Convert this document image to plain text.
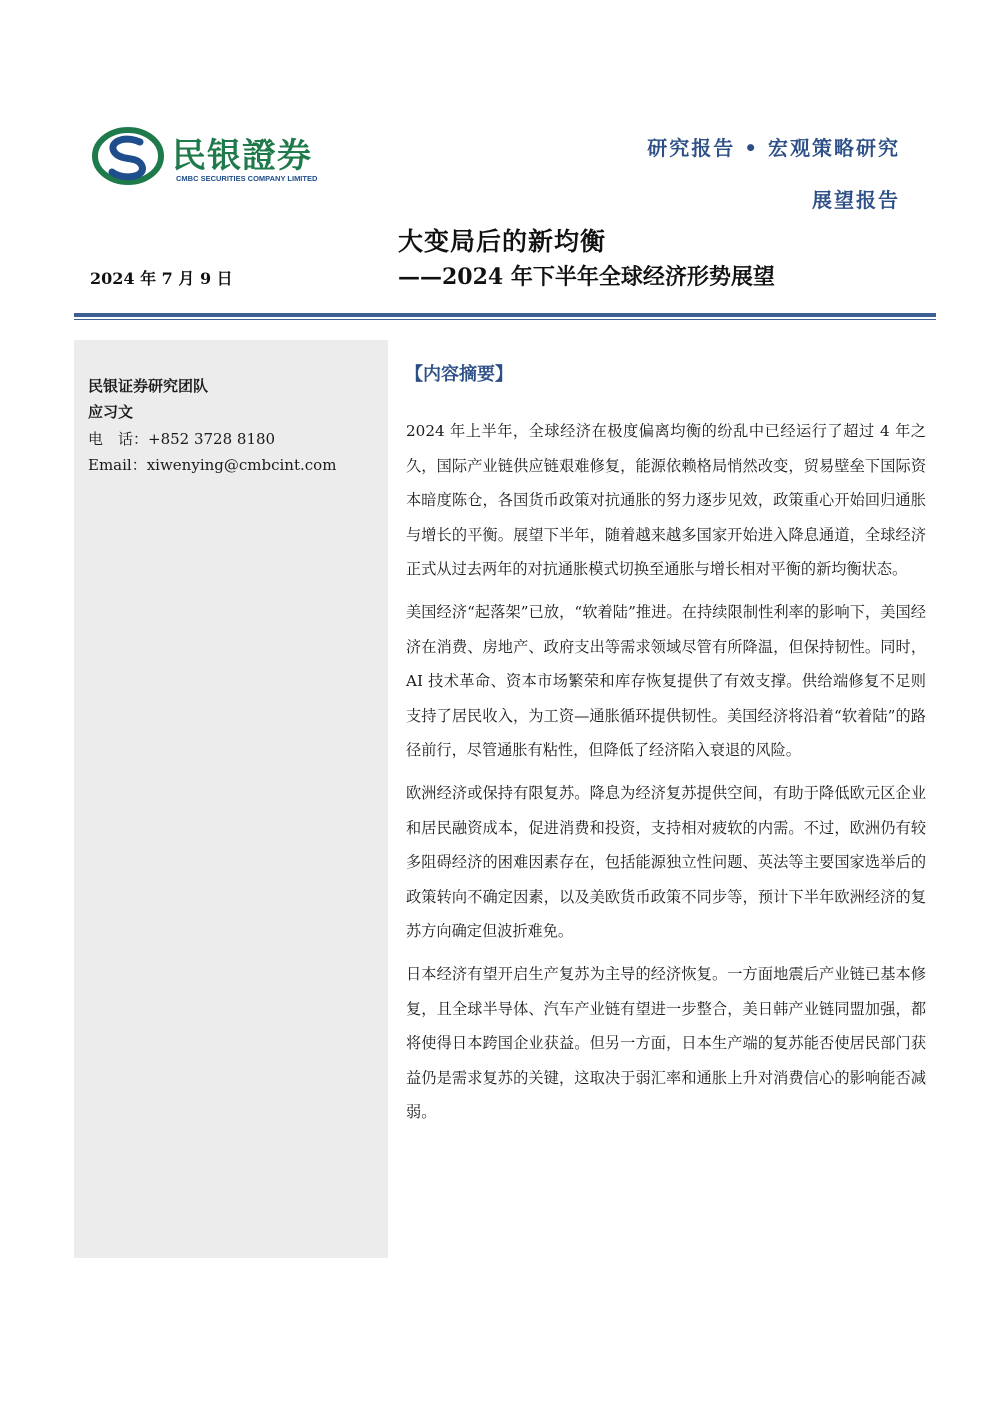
民银證券
CMBC SECURITIES COMPANY LIMITED
研究报告 • 宏观策略研究
展望报告
大变局后的新均衡
——2024 年下半年全球经济形势展望
2024 年 7 月 9 日
民银证券研究团队
应习文
电　话：+852 3728 8180
Email：xiwenying@cmbcint.com
【内容摘要】

2024 年上半年，全球经济在极度偏离均衡的纷乱中已经运行了超过 4 年之久，国际产业链供应链艰难修复，能源依赖格局悄然改变，贸易壁垒下国际资本暗度陈仓，各国货币政策对抗通胀的努力逐步见效，政策重心开始回归通胀与增长的平衡。展望下半年，随着越来越多国家开始进入降息通道，全球经济正式从过去两年的对抗通胀模式切换至通胀与增长相对平衡的新均衡状态。

美国经济“起落架”已放，“软着陆”推进。在持续限制性利率的影响下，美国经济在消费、房地产、政府支出等需求领域尽管有所降温，但保持韧性。同时，AI 技术革命、资本市场繁荣和库存恢复提供了有效支撑。供给端修复不足则支持了居民收入，为工资—通胀循环提供韧性。美国经济将沿着“软着陆”的路径前行，尽管通胀有粘性，但降低了经济陷入衰退的风险。

欧洲经济或保持有限复苏。降息为经济复苏提供空间，有助于降低欧元区企业和居民融资成本，促进消费和投资，支持相对疲软的内需。不过，欧洲仍有较多阻碍经济的困难因素存在，包括能源独立性问题、英法等主要国家选举后的政策转向不确定因素，以及美欧货币政策不同步等，预计下半年欧洲经济的复苏方向确定但波折难免。

日本经济有望开启生产复苏为主导的经济恢复。一方面地震后产业链已基本修复，且全球半导体、汽车产业链有望进一步整合，美日韩产业链同盟加强，都将使得日本跨国企业获益。但另一方面，日本生产端的复苏能否使居民部门获益仍是需求复苏的关键，这取决于弱汇率和通胀上升对消费信心的影响能否减弱。
